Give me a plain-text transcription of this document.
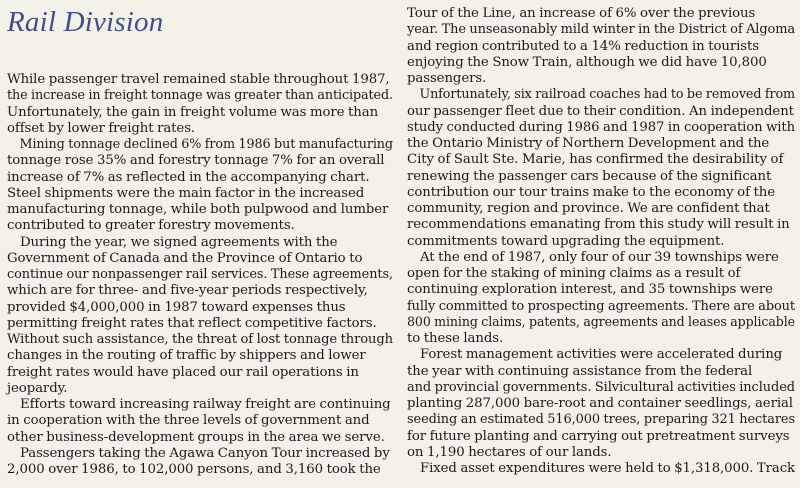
Rail Division
While passenger travel remained stable throughout 1987,
the increase in freight tonnage was greater than anticipated.
Unfortunately, the gain in freight volume was more than
offset by lower freight rates.
Mining tonnage declined 6% from 1986 but manufacturing
tonnage rose 35% and forestry tonnage 7% for an overall
increase of 7% as reflected in the accompanying chart.
Steel shipments were the main factor in the increased
manufacturing tonnage, while both pulpwood and lumber
contributed to greater forestry movements.
During the year, we signed agreements with the
Government of Canada and the Province of Ontario to
continue our nonpassenger rail services. These agreements,
which are for three- and five-year periods respectively,
provided $4,000,000 in 1987 toward expenses thus
permitting freight rates that reflect competitive factors.
Without such assistance, the threat of lost tonnage through
changes in the routing of traffic by shippers and lower
freight rates would have placed our rail operations in
jeopardy.
Efforts toward increasing railway freight are continuing
in cooperation with the three levels of government and
other business-development groups in the area we serve.
Passengers taking the Agawa Canyon Tour increased by
2,000 over 1986, to 102,000 persons, and 3,160 took the
Tour of the Line, an increase of 6% over the previous
year. The unseasonably mild winter in the District of Algoma
and region contributed to a 14% reduction in tourists
enjoying the Snow Train, although we did have 10,800
passengers.
Unfortunately, six railroad coaches had to be removed from
our passenger fleet due to their condition. An independent
study conducted during 1986 and 1987 in cooperation with
the Ontario Ministry of Northern Development and the
City of Sault Ste. Marie, has confirmed the desirability of
renewing the passenger cars because of the significant
contribution our tour trains make to the economy of the
community, region and province. We are confident that
recommendations emanating from this study will result in
commitments toward upgrading the equipment.
At the end of 1987, only four of our 39 townships were
open for the staking of mining claims as a result of
continuing exploration interest, and 35 townships were
fully committed to prospecting agreements. There are about
800 mining claims, patents, agreements and leases applicable
to these lands.
Forest management activities were accelerated during
the year with continuing assistance from the federal
and provincial governments. Silvicultural activities included
planting 287,000 bare-root and container seedlings, aerial
seeding an estimated 516,000 trees, preparing 321 hectares
for future planting and carrying out pretreatment surveys
on 1,190 hectares of our lands.
Fixed asset expenditures were held to $1,318,000. Track
